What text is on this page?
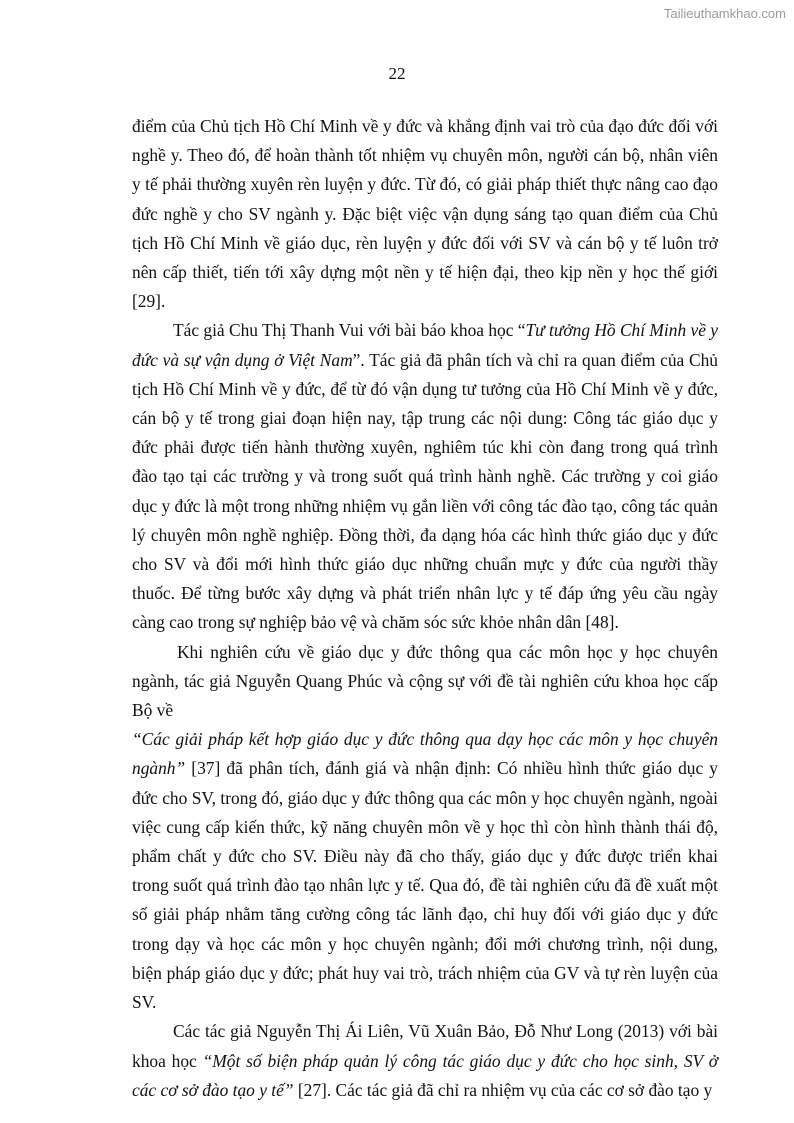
Tailieuthamkhao.com
22

điểm của Chủ tịch Hồ Chí Minh về y đức và khẳng định vai trò của đạo đức đối với nghề y. Theo đó, để hoàn thành tốt nhiệm vụ chuyên môn, người cán bộ, nhân viên y tế phải thường xuyên rèn luyện y đức. Từ đó, có giải pháp thiết thực nâng cao đạo đức nghề y cho SV ngành y. Đặc biệt việc vận dụng sáng tạo quan điểm của Chủ tịch Hồ Chí Minh về giáo dục, rèn luyện y đức đối với SV và cán bộ y tế luôn trở nên cấp thiết, tiến tới xây dựng một nền y tế hiện đại, theo kịp nền y học thế giới [29].

Tác giả Chu Thị Thanh Vui với bài báo khoa học “Tư tưởng Hồ Chí Minh về y đức và sự vận dụng ở Việt Nam”. Tác giả đã phân tích và chỉ ra quan điểm của Chủ tịch Hồ Chí Minh về y đức, để từ đó vận dụng tư tưởng của Hồ Chí Minh về y đức, cán bộ y tế trong giai đoạn hiện nay, tập trung các nội dung: Công tác giáo dục y đức phải được tiến hành thường xuyên, nghiêm túc khi còn đang trong quá trình đào tạo tại các trường y và trong suốt quá trình hành nghề. Các trường y coi giáo dục y đức là một trong những nhiệm vụ gắn liền với công tác đào tạo, công tác quản lý chuyên môn nghề nghiệp. Đồng thời, đa dạng hóa các hình thức giáo dục y đức cho SV và đổi mới hình thức giáo dục những chuẩn mực y đức của người thầy thuốc. Để từng bước xây dựng và phát triển nhân lực y tế đáp ứng yêu cầu ngày càng cao trong sự nghiệp bảo vệ và chăm sóc sức khỏe nhân dân [48].

Khi nghiên cứu về giáo dục y đức thông qua các môn học y học chuyên ngành, tác giả Nguyễn Quang Phúc và cộng sự với đề tài nghiên cứu khoa học cấp Bộ về
“Các giải pháp kết hợp giáo dục y đức thông qua dạy học các môn y học chuyên ngành” [37] đã phân tích, đánh giá và nhận định: Có nhiều hình thức giáo dục y đức cho SV, trong đó, giáo dục y đức thông qua các môn y học chuyên ngành, ngoài việc cung cấp kiến thức, kỹ năng chuyên môn về y học thì còn hình thành thái độ, phẩm chất y đức cho SV. Điều này đã cho thấy, giáo dục y đức được triển khai trong suốt quá trình đào tạo nhân lực y tế. Qua đó, đề tài nghiên cứu đã đề xuất một số giải pháp nhằm tăng cường công tác lãnh đạo, chỉ huy đối với giáo dục y đức trong dạy và học các môn y học chuyên ngành; đổi mới chương trình, nội dung, biện pháp giáo dục y đức; phát huy vai trò, trách nhiệm của GV và tự rèn luyện của SV.

Các tác giả Nguyễn Thị Ái Liên, Vũ Xuân Bảo, Đỗ Như Long (2013) với bài khoa học “Một số biện pháp quản lý công tác giáo dục y đức cho học sinh, SV ở các cơ sở đào tạo y tế” [27]. Các tác giả đã chỉ ra nhiệm vụ của các cơ sở đào tạo y
